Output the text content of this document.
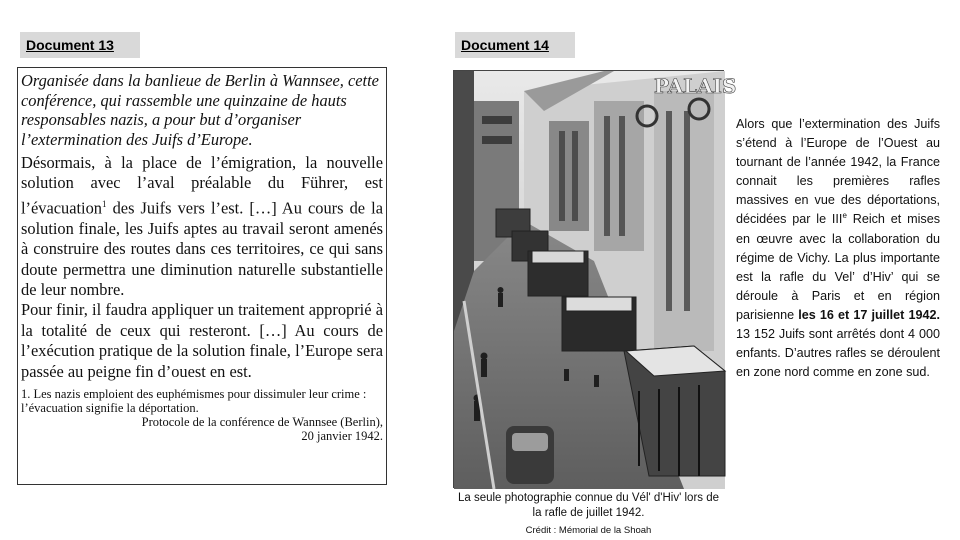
Document 13	Document 14

Organisée dans la banlieue de Berlin à Wannsee, cette conférence, qui rassemble une quinzaine de hauts responsables nazis, a pour but d’organiser l’extermination des Juifs d’Europe.

Désormais, à la place de l’émigration, la nouvelle solution avec l’aval préalable du Führer, est l’évacuation$^1$ des Juifs vers l’est. […] Au cours de la solution finale, les Juifs aptes au travail seront amenés à construire des routes dans ces territoires, ce qui sans doute permettra une diminution naturelle substantielle de leur nombre.

Pour finir, il faudra appliquer un traitement approprié à la totalité de ceux qui resteront. […] Au cours de l’exécution pratique de la solution finale, l’Europe sera passée au peigne fin d’ouest en est.

1. Les nazis emploient des euphémismes pour dissimuler leur crime : l’évacuation signifie la déportation.
Protocole de la conférence de Wannsee (Berlin),
20 janvier 1942.
PALAIS
La seule photographie connue du Vél' d'Hiv' lors de la rafle de juillet 1942.
Crédit : Mémorial de la Shoah

Alors que l’extermination des Juifs s’étend à l’Europe de l’Ouest au tournant de l’année 1942, la France connait les premières rafles massives en vue des déportations, décidées par le IIIe Reich et mises en œuvre avec la collaboration du régime de Vichy. La plus importante est la rafle du Vel’ d’Hiv’ qui se déroule à Paris et en région parisienne les 16 et 17 juillet 1942. 13 152 Juifs sont arrêtés dont 4 000 enfants. D’autres rafles se déroulent en zone nord comme en zone sud.
